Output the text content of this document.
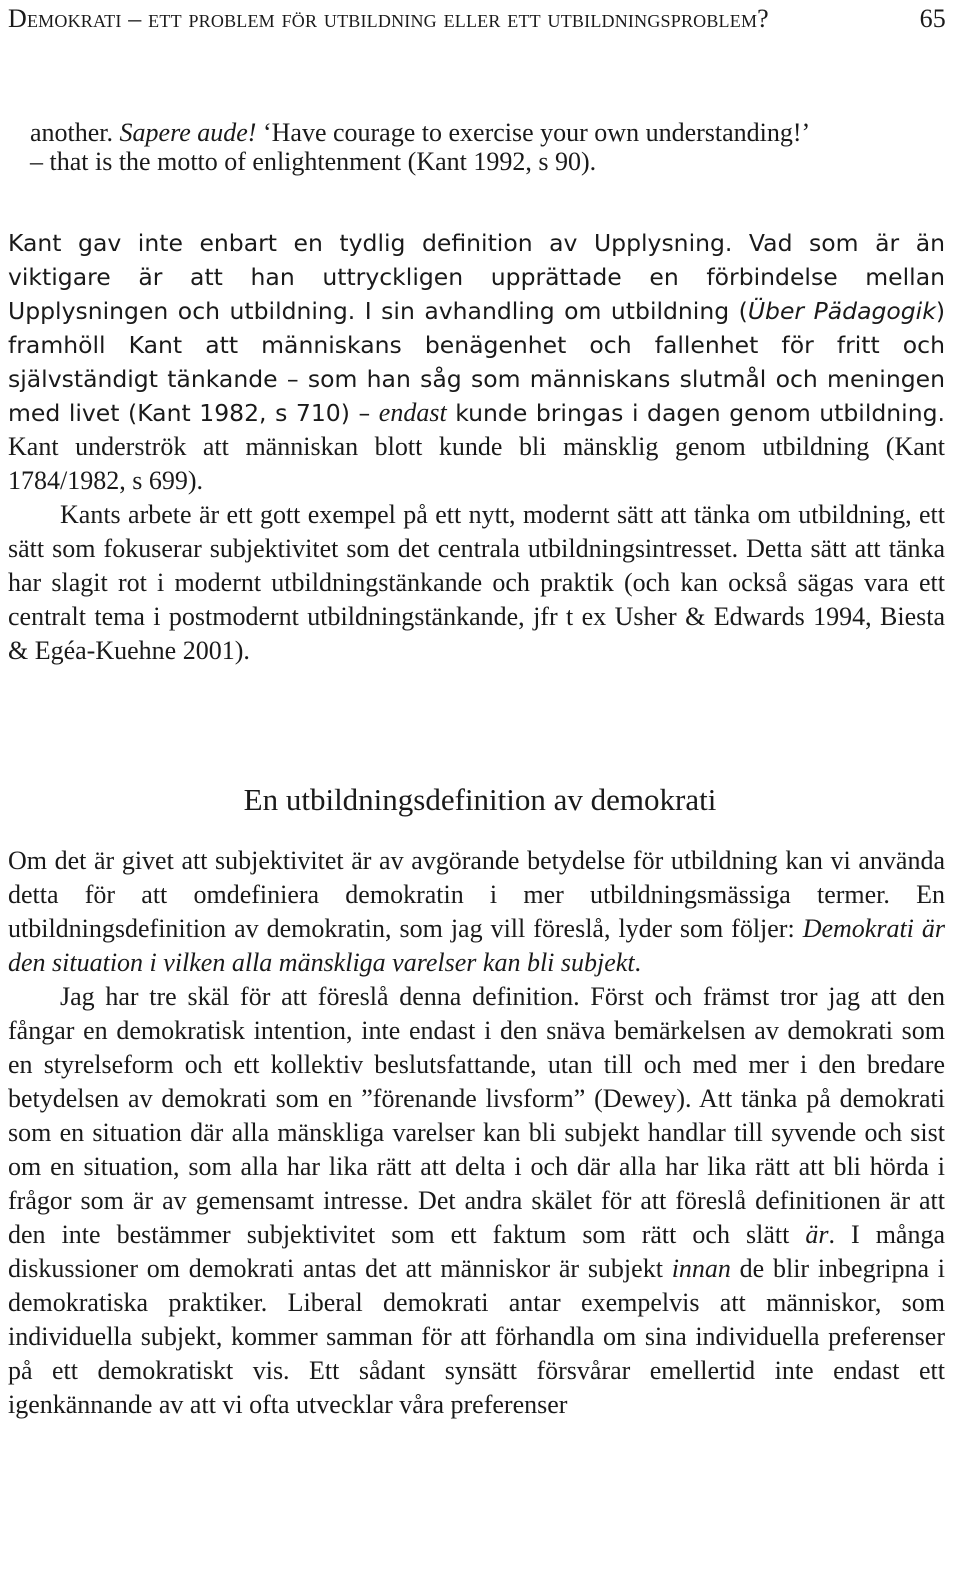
Demokrati – ett problem för utbildning eller ett utbildningsproblem?	65

another. Sapere aude! ‘Have courage to exercise your own understanding!’

– that is the motto of enlightenment (Kant 1992, s 90).

Kant gav inte enbart en tydlig definition av Upplysning. Vad som är än viktigare är att han uttryckligen upprättade en förbindelse mellan Upplysningen och utbildning. I sin avhandling om utbildning (Über Pädagogik) framhöll Kant att människans benägenhet och fallenhet för fritt och självständigt tänkande – som han såg som människans slutmål och meningen med livet (Kant 1982, s 710) – endast kunde bringas i dagen genom utbildning. Kant underströk att människan blott kunde bli mänsklig genom utbildning (Kant 1784/1982, s 699).

Kants arbete är ett gott exempel på ett nytt, modernt sätt att tänka om utbildning, ett sätt som fokuserar subjektivitet som det centrala utbildningsintresset. Detta sätt att tänka har slagit rot i modernt utbildningstänkande och praktik (och kan också sägas vara ett centralt tema i postmodernt utbildningstänkande, jfr t ex Usher & Edwards 1994, Biesta & Egéa-Kuehne 2001).

En utbildningsdefinition av demokrati

Om det är givet att subjektivitet är av avgörande betydelse för utbildning kan vi använda detta för att omdefiniera demokratin i mer utbildningsmässiga termer. En utbildningsdefinition av demokratin, som jag vill föreslå, lyder som följer: Demokrati är den situation i vilken alla mänskliga varelser kan bli subjekt.

Jag har tre skäl för att föreslå denna definition. Först och främst tror jag att den fångar en demokratisk intention, inte endast i den snäva bemärkelsen av demokrati som en styrelseform och ett kollektiv beslutsfattande, utan till och med mer i den bredare betydelsen av demokrati som en ”förenande livsform” (Dewey). Att tänka på demokrati som en situation där alla mänskliga varelser kan bli subjekt handlar till syvende och sist om en situation, som alla har lika rätt att delta i och där alla har lika rätt att bli hörda i frågor som är av gemensamt intresse. Det andra skälet för att föreslå definitionen är att den inte bestämmer subjektivitet som ett faktum som rätt och slätt är. I många diskussioner om demokrati antas det att människor är subjekt innan de blir inbegripna i demokratiska praktiker. Liberal demokrati antar exempelvis att människor, som individuella subjekt, kommer samman för att förhandla om sina individuella preferenser på ett demokratiskt vis. Ett sådant synsätt försvårar emellertid inte endast ett igenkännande av att vi ofta utvecklar våra preferenser
